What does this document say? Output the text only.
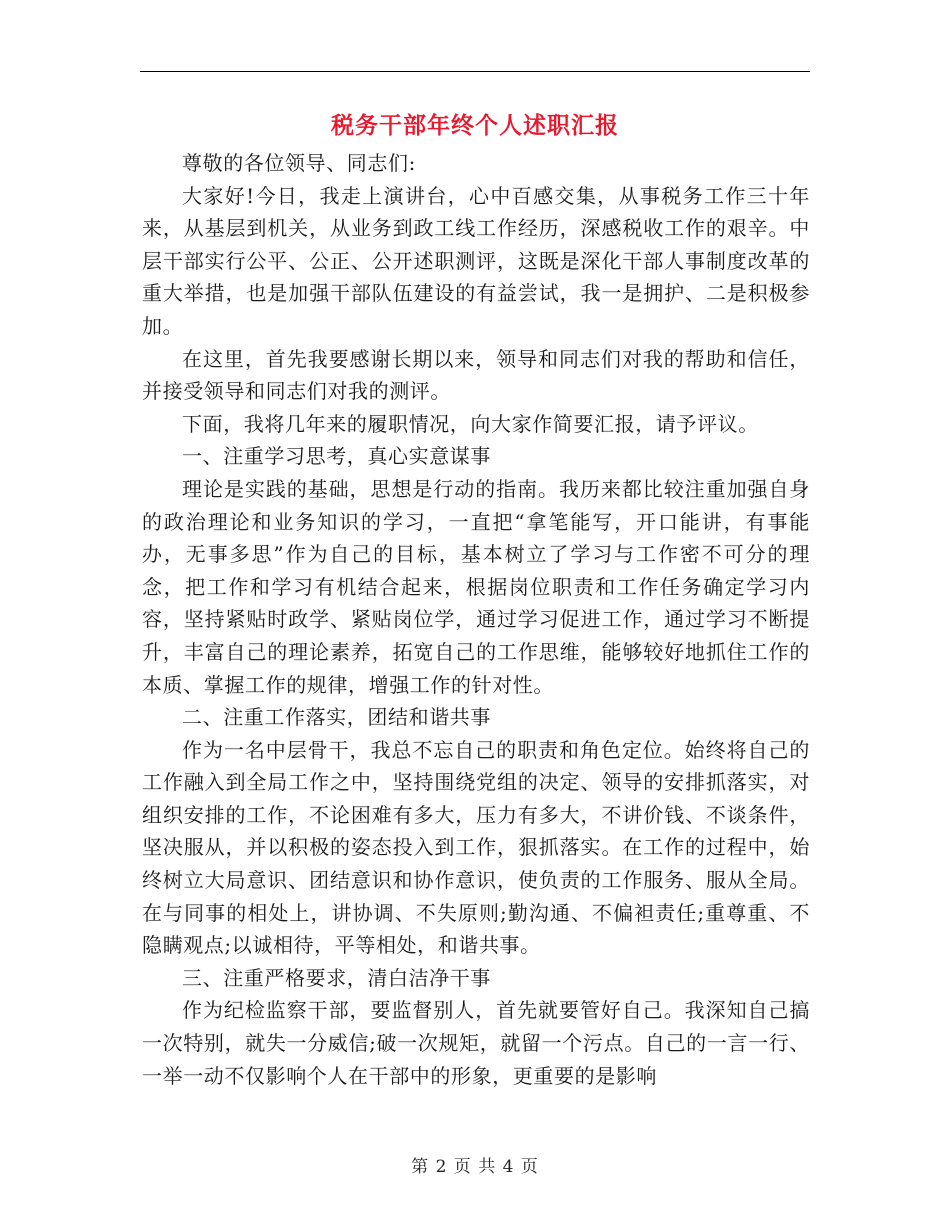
税务干部年终个人述职汇报

尊敬的各位领导、同志们:

大家好!今日，我走上演讲台，心中百感交集，从事税务工作三十年来，从基层到机关，从业务到政工线工作经历，深感税收工作的艰辛。中层干部实行公平、公正、公开述职测评，这既是深化干部人事制度改革的重大举措，也是加强干部队伍建设的有益尝试，我一是拥护、二是积极参加。

在这里，首先我要感谢长期以来，领导和同志们对我的帮助和信任，并接受领导和同志们对我的测评。

下面，我将几年来的履职情况，向大家作简要汇报，请予评议。

一、注重学习思考，真心实意谋事

理论是实践的基础，思想是行动的指南。我历来都比较注重加强自身的政治理论和业务知识的学习，一直把“拿笔能写，开口能讲，有事能办，无事多思”作为自己的目标，基本树立了学习与工作密不可分的理念，把工作和学习有机结合起来，根据岗位职责和工作任务确定学习内容，坚持紧贴时政学、紧贴岗位学，通过学习促进工作，通过学习不断提升，丰富自己的理论素养，拓宽自己的工作思维，能够较好地抓住工作的本质、掌握工作的规律，增强工作的针对性。

二、注重工作落实，团结和谐共事

作为一名中层骨干，我总不忘自己的职责和角色定位。始终将自己的工作融入到全局工作之中，坚持围绕党组的决定、领导的安排抓落实，对组织安排的工作，不论困难有多大，压力有多大，不讲价钱、不谈条件，坚决服从，并以积极的姿态投入到工作，狠抓落实。在工作的过程中，始终树立大局意识、团结意识和协作意识，使负责的工作服务、服从全局。在与同事的相处上，讲协调、不失原则;勤沟通、不偏袒责任;重尊重、不隐瞒观点;以诚相待，平等相处，和谐共事。

三、注重严格要求，清白洁净干事

作为纪检监察干部，要监督别人，首先就要管好自己。我深知自己搞一次特别，就失一分威信;破一次规矩，就留一个污点。自己的一言一行、一举一动不仅影响个人在干部中的形象，更重要的是影响

第 2 页 共 4 页
